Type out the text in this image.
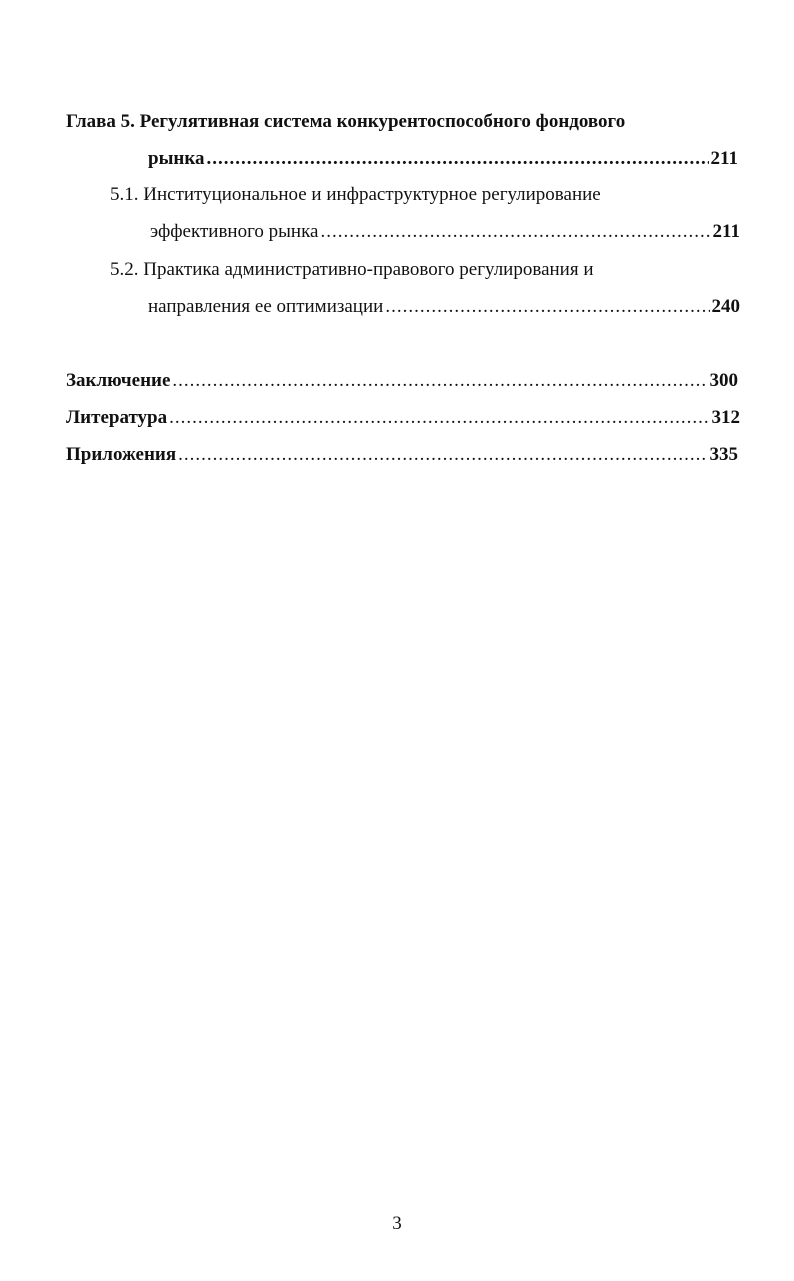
Глава 5. Регулятивная система конкурентоспособного фондового
рынка .....	211
5.1. Институциональное и инфраструктурное регулирование
эффективного рынка .....	211
5.2. Практика административно-правового регулирования и
направления ее оптимизации .....	240
Заключение .....	300
Литература .....	312
Приложения .....	335
3
